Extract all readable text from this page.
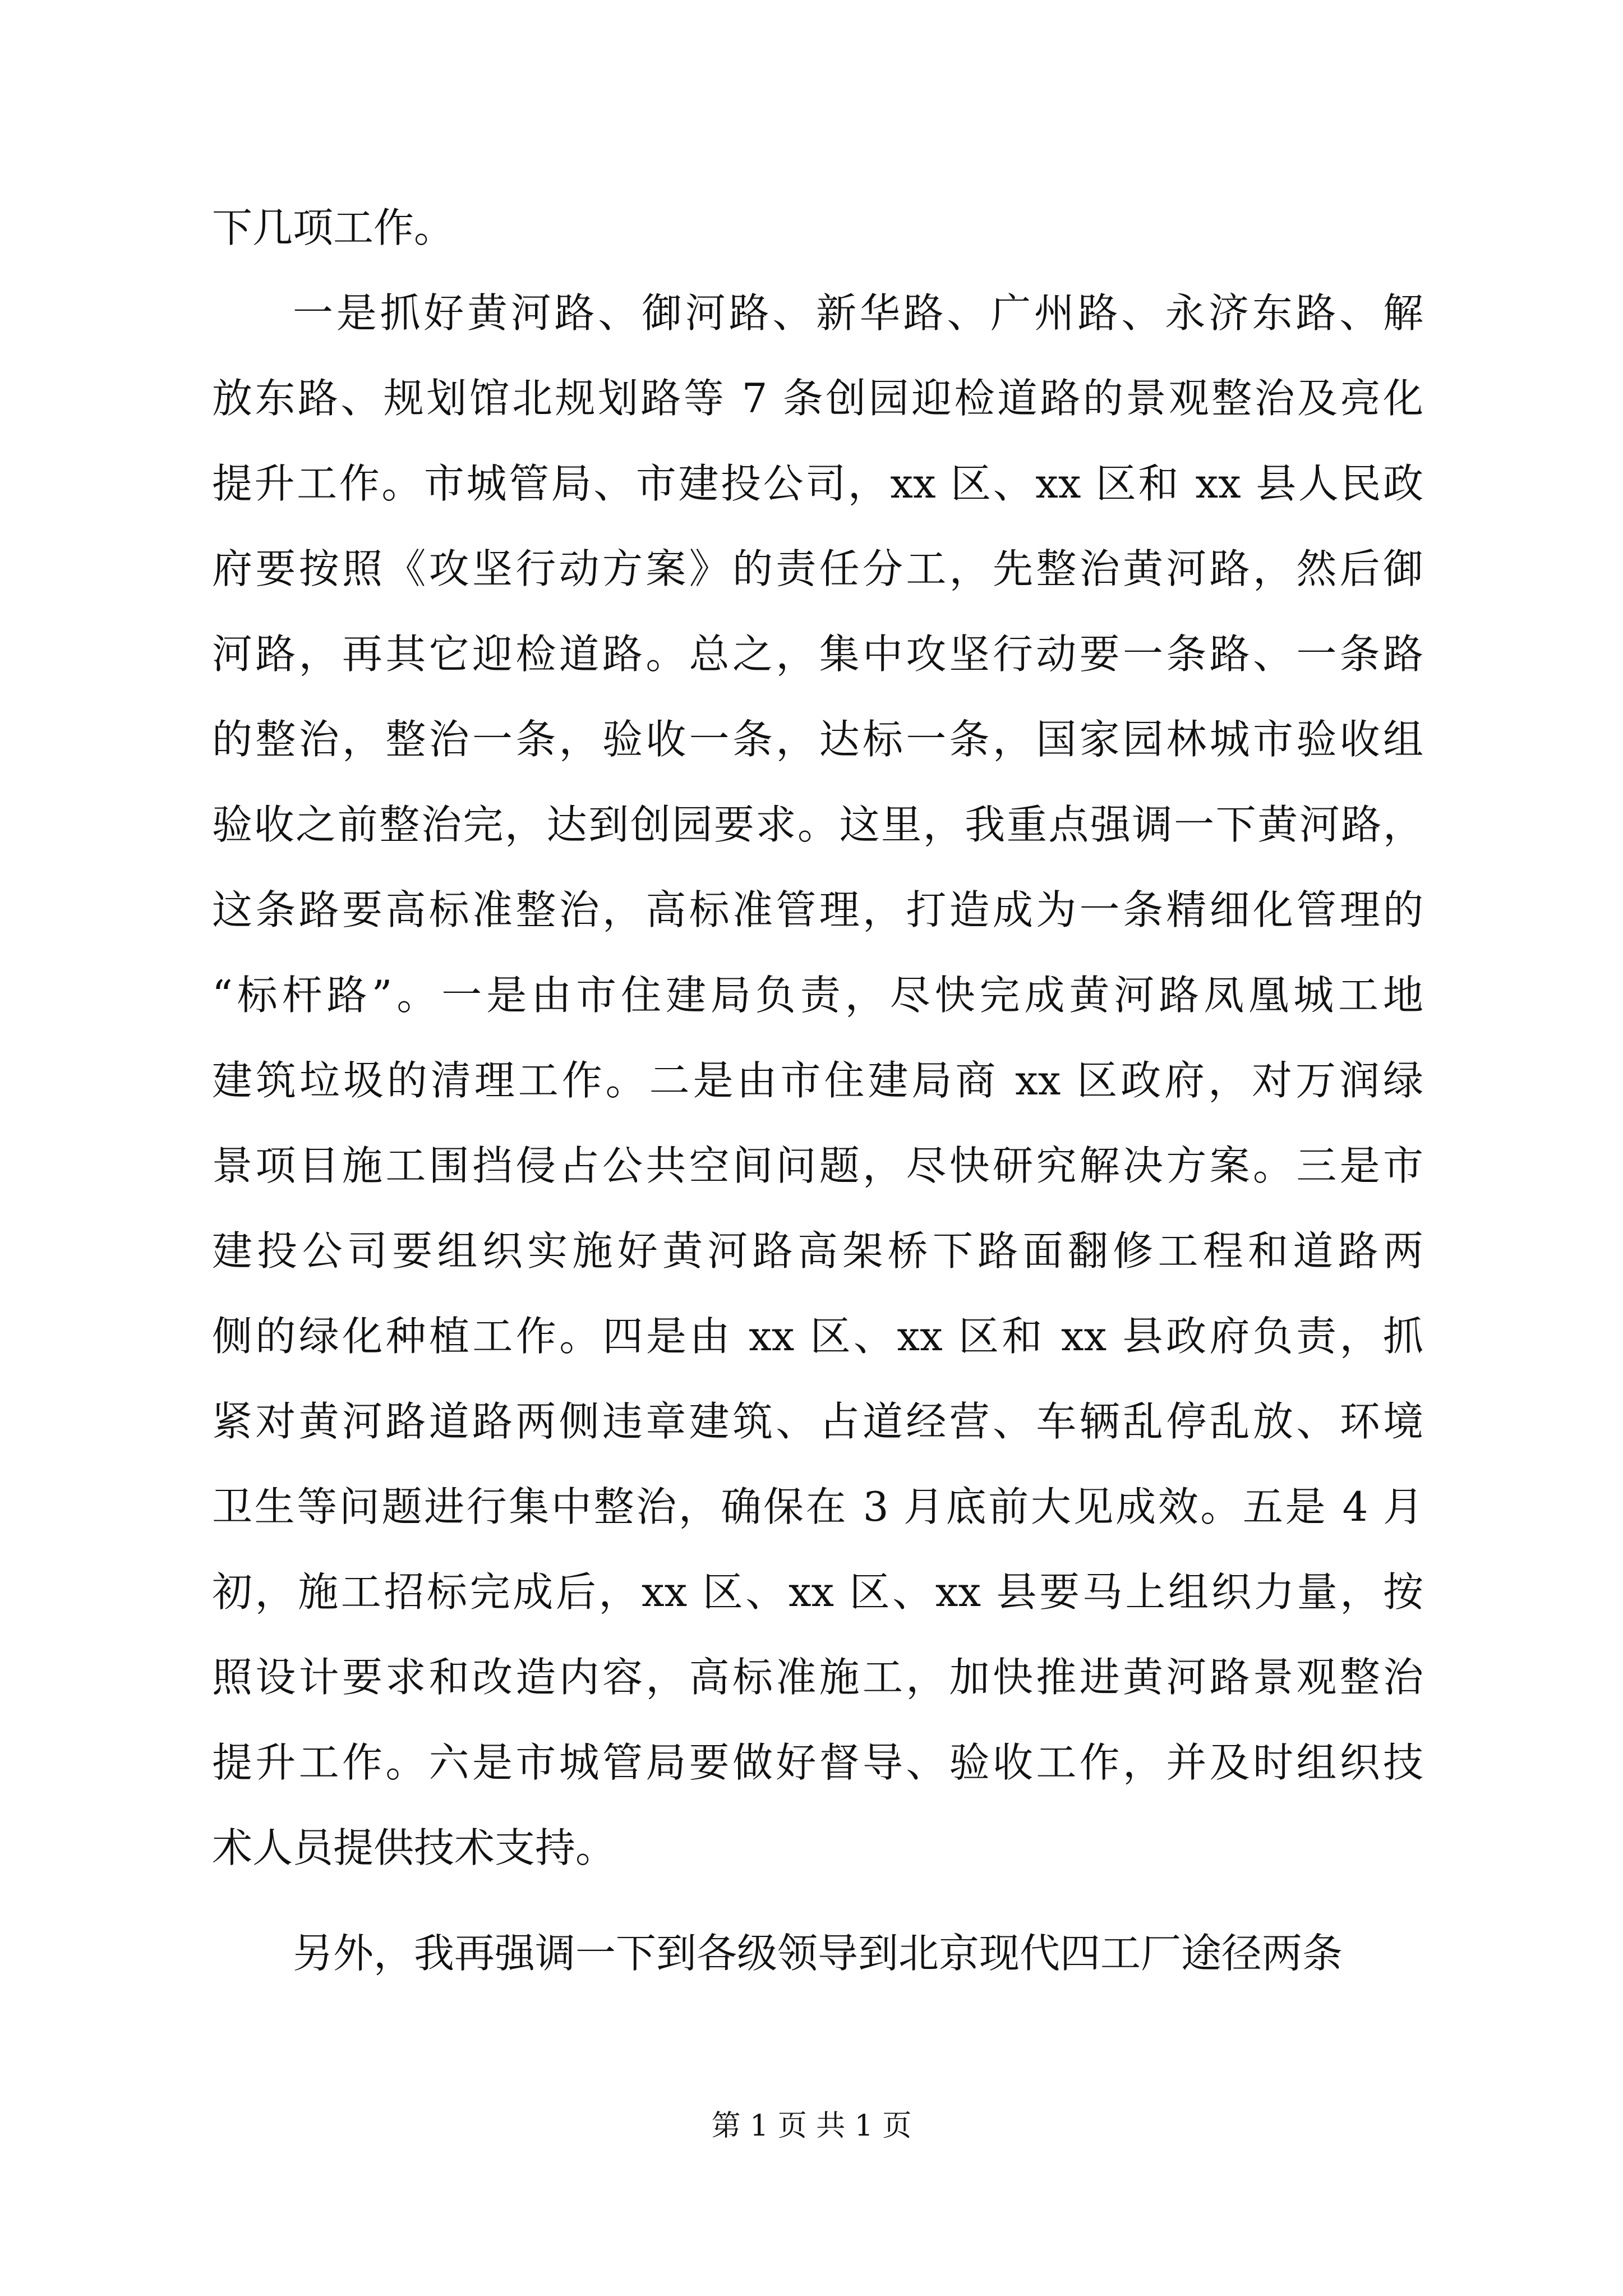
下几项工作。
一是抓好黄河路、御河路、新华路、广州路、永济东路、解
放东路、规划馆北规划路等 7 条创园迎检道路的景观整治及亮化
提升工作。市城管局、市建投公司，xx 区、xx 区和 xx 县人民政
府要按照《攻坚行动方案》的责任分工，先整治黄河路，然后御
河路，再其它迎检道路。总之，集中攻坚行动要一条路、一条路
的整治，整治一条，验收一条，达标一条，国家园林城市验收组
验收之前整治完，达到创园要求。这里，我重点强调一下黄河路，
这条路要高标准整治，高标准管理，打造成为一条精细化管理的
“标杆路”。一是由市住建局负责，尽快完成黄河路凤凰城工地
建筑垃圾的清理工作。二是由市住建局商 xx 区政府，对万润绿
景项目施工围挡侵占公共空间问题，尽快研究解决方案。三是市
建投公司要组织实施好黄河路高架桥下路面翻修工程和道路两
侧的绿化种植工作。四是由 xx 区、xx 区和 xx 县政府负责，抓
紧对黄河路道路两侧违章建筑、占道经营、车辆乱停乱放、环境
卫生等问题进行集中整治，确保在 3 月底前大见成效。五是 4 月
初，施工招标完成后，xx 区、xx 区、xx 县要马上组织力量，按
照设计要求和改造内容，高标准施工，加快推进黄河路景观整治
提升工作。六是市城管局要做好督导、验收工作，并及时组织技
术人员提供技术支持。
另外，我再强调一下到各级领导到北京现代四工厂途径两条
第 1 页 共 1 页
